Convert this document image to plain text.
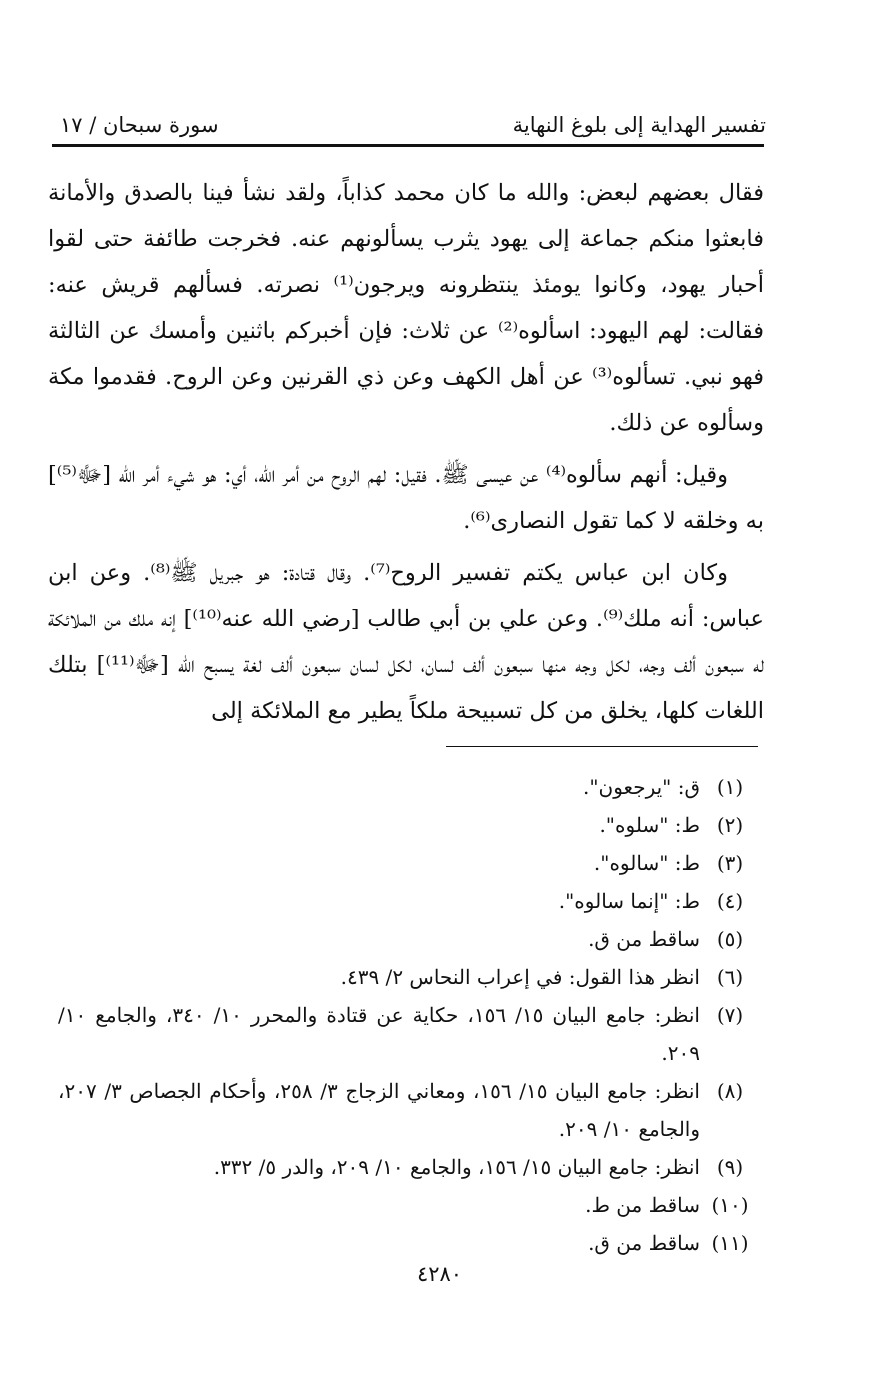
تفسير الهداية إلى بلوغ النهاية
سورة سبحان / ١٧

فقال بعضهم لبعض: والله ما كان محمد كذاباً، ولقد نشأ فينا بالصدق والأمانة فابعثوا منكم جماعة إلى يهود يثرب يسألونهم عنه. فخرجت طائفة حتى لقوا أحبار يهود، وكانوا يومئذ ينتظرونه ويرجون⁽¹⁾ نصرته. فسألهم قريش عنه: فقالت: لهم اليهود: اسألوه⁽²⁾ عن ثلاث: فإن أخبركم باثنين وأمسك عن الثالثة فهو نبي. تسألوه⁽³⁾ عن أهل الكهف وعن ذي القرنين وعن الروح. فقدموا مكة وسألوه عن ذلك.

وقيل: أنهم سألوه⁽⁴⁾ عن عيسى ﷺ. فقيل: لهم الروح من أمر الله، أي: هو شيء أمر الله [ﷻ⁽⁵⁾] به وخلقه لا كما تقول النصارى⁽⁶⁾.

وكان ابن عباس يكتم تفسير الروح⁽⁷⁾. وقال قتادة: هو جبريل ﷺ⁽⁸⁾. وعن ابن عباس: أنه ملك⁽⁹⁾. وعن علي بن أبي طالب [رضي الله عنه⁽¹⁰⁾] إنه ملك من الملائكة له سبعون ألف وجه، لكل وجه منها سبعون ألف لسان، لكل لسان سبعون ألف لغة يسبح الله [ﷻ⁽¹¹⁾] بتلك اللغات كلها، يخلق من كل تسبيحة ملكاً يطير مع الملائكة إلى

(١)
ق: "يرجعون".
(٢)
ط: "سلوه".
(٣)
ط: "سالوه".
(٤)
ط: "إنما سالوه".
(٥)
ساقط من ق.
(٦)
انظر هذا القول: في إعراب النحاس ٢/ ٤٣٩.
(٧)
انظر: جامع البيان ١٥/ ١٥٦، حكاية عن قتادة والمحرر ١٠/ ٣٤٠، والجامع ١٠/ ٢٠٩.
(٨)
انظر: جامع البيان ١٥/ ١٥٦، ومعاني الزجاج ٣/ ٢٥٨، وأحكام الجصاص ٣/ ٢٠٧، والجامع ١٠/ ٢٠٩.
(٩)
انظر: جامع البيان ١٥/ ١٥٦، والجامع ١٠/ ٢٠٩، والدر ٥/ ٣٣٢.
(١٠)
ساقط من ط.
(١١)
ساقط من ق.
٤٢٨٠
